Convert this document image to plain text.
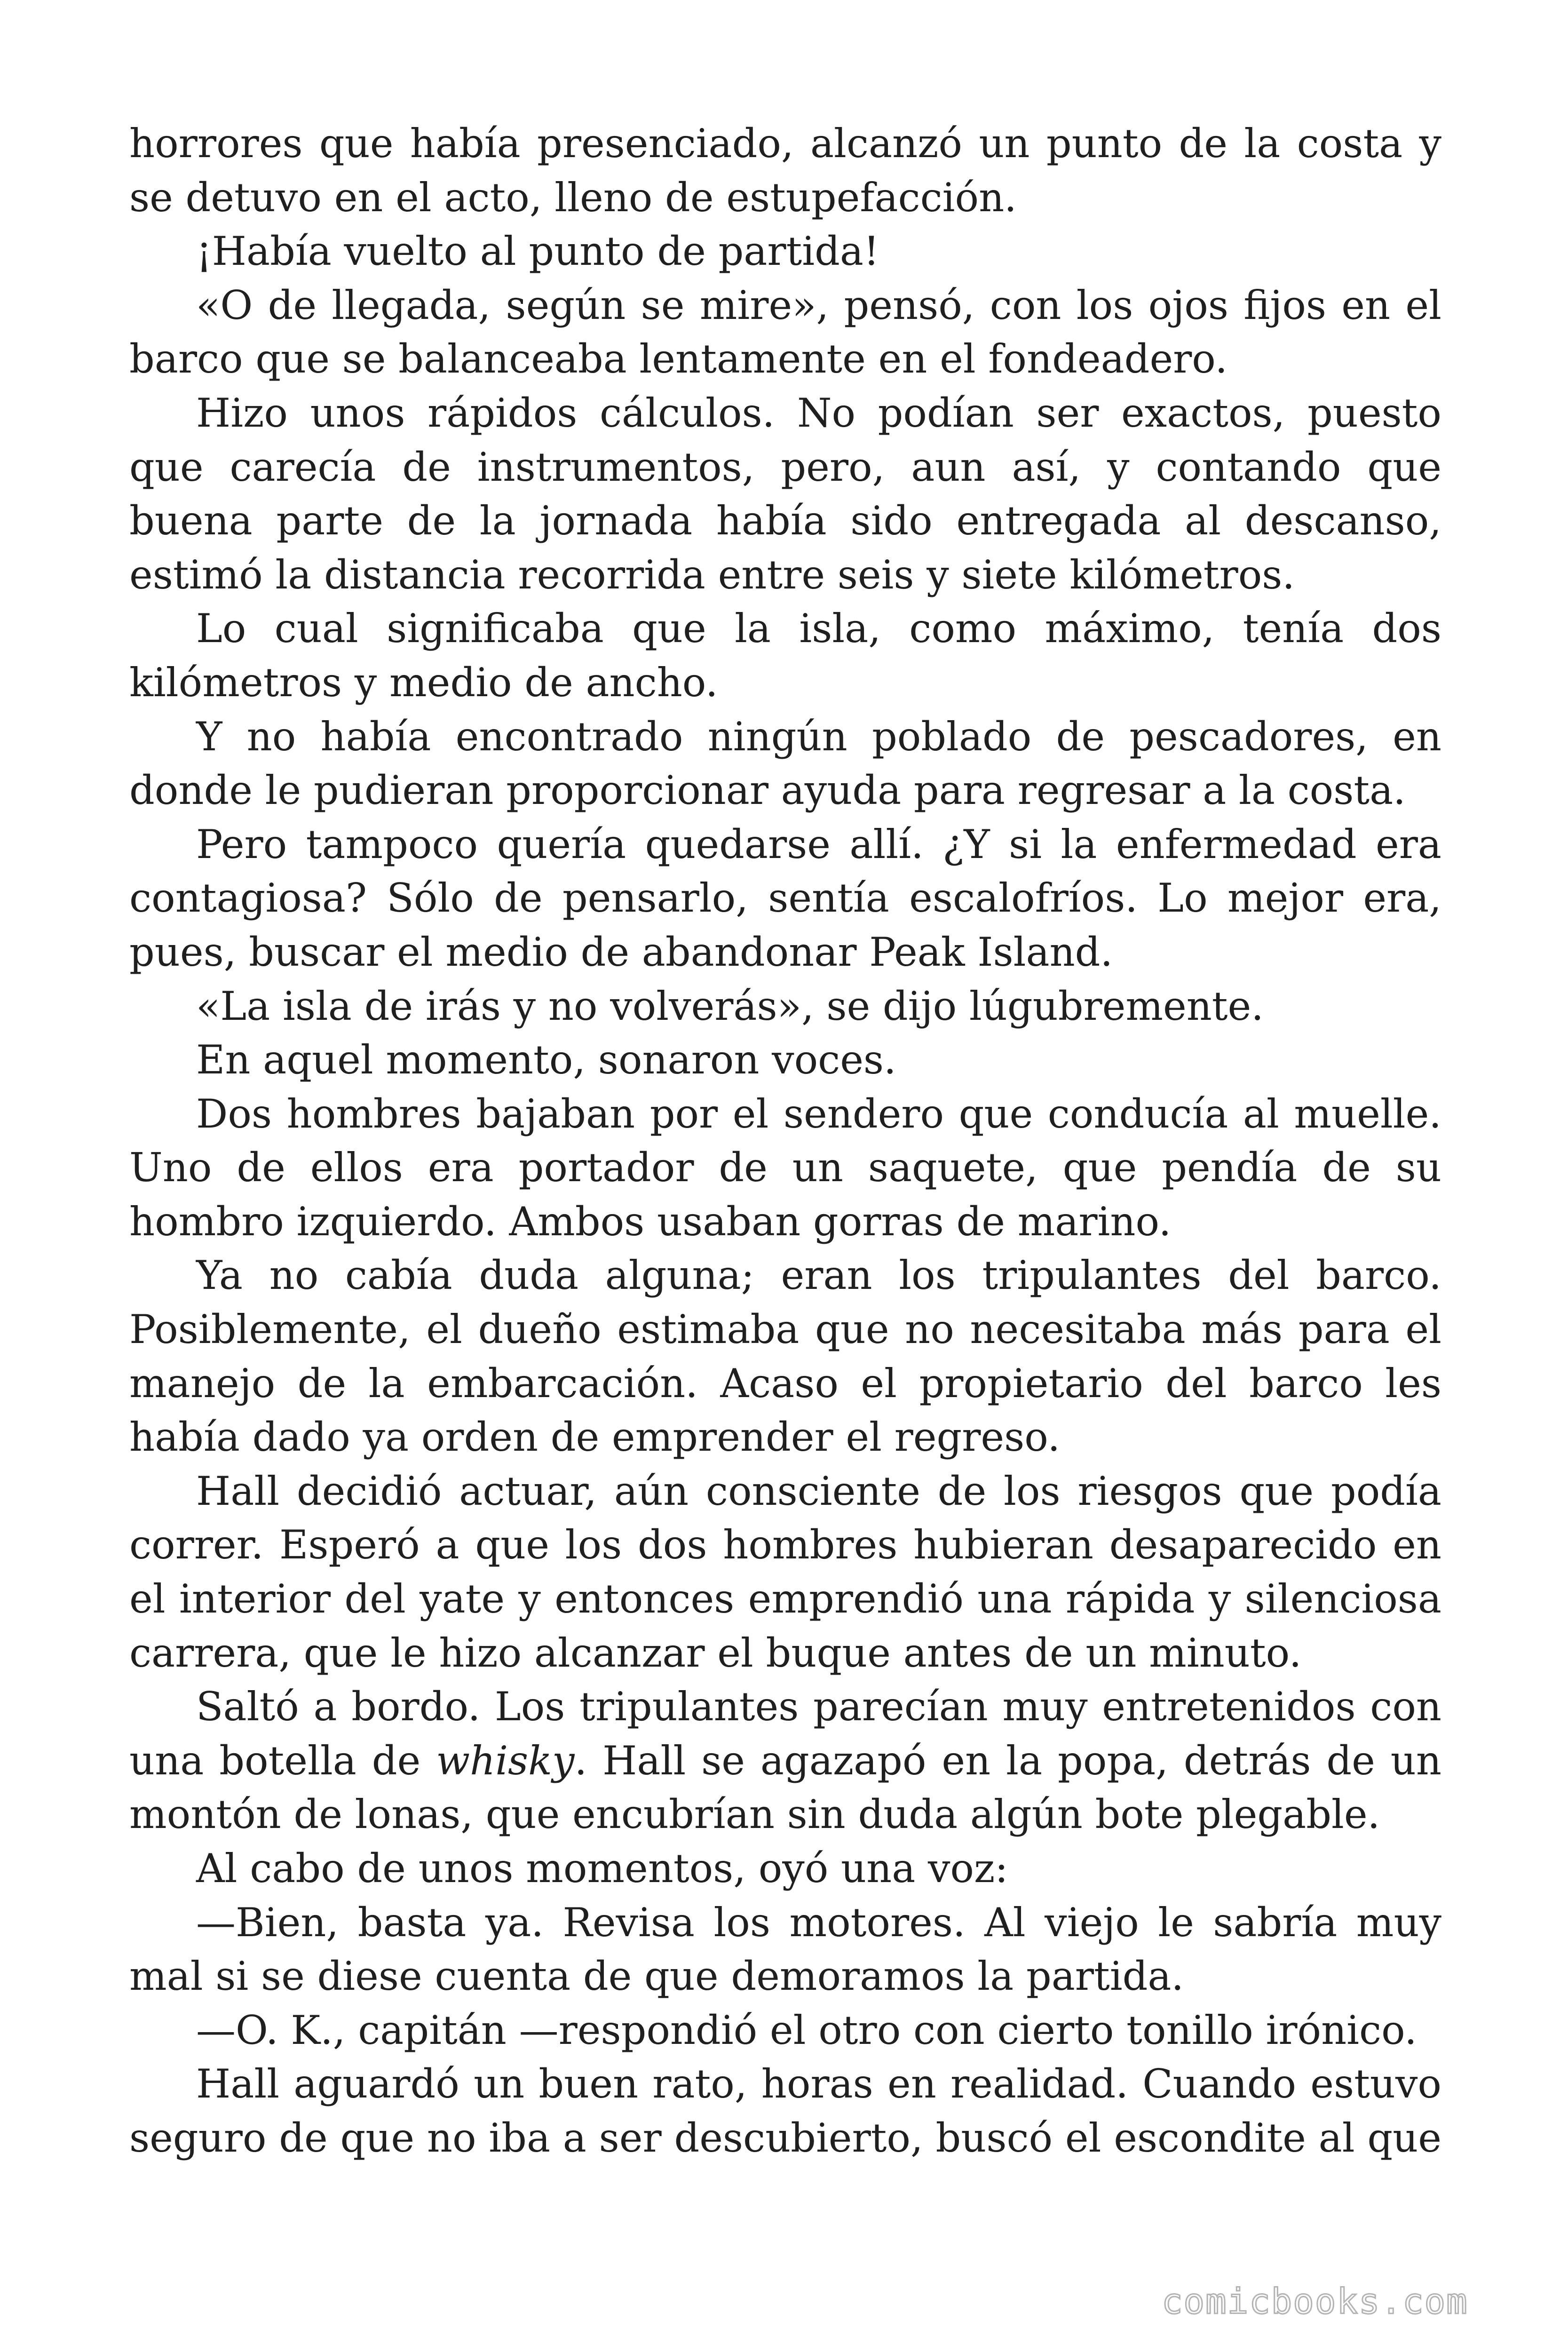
horrores que había presenciado, alcanzó un punto de la costa y se detuvo en el acto, lleno de estupefacción.

¡Había vuelto al punto de partida!

«O de llegada, según se mire», pensó, con los ojos fijos en el barco que se balanceaba lentamente en el fondeadero.

Hizo unos rápidos cálculos. No podían ser exactos, puesto que carecía de instrumentos, pero, aun así, y contando que buena parte de la jornada había sido entregada al descanso, estimó la distancia recorrida entre seis y siete kilómetros.

Lo cual significaba que la isla, como máximo, tenía dos kilómetros y medio de ancho.

Y no había encontrado ningún poblado de pescadores, en donde le pudieran proporcionar ayuda para regresar a la costa.

Pero tampoco quería quedarse allí. ¿Y si la enfermedad era contagiosa? Sólo de pensarlo, sentía escalofríos. Lo mejor era, pues, buscar el medio de abandonar Peak Island.

«La isla de irás y no volverás», se dijo lúgubremente.

En aquel momento, sonaron voces.

Dos hombres bajaban por el sendero que conducía al muelle. Uno de ellos era portador de un saquete, que pendía de su hombro izquierdo. Ambos usaban gorras de marino.

Ya no cabía duda alguna; eran los tripulantes del barco. Posiblemente, el dueño estimaba que no necesitaba más para el manejo de la embarcación. Acaso el propietario del barco les había dado ya orden de emprender el regreso.

Hall decidió actuar, aún consciente de los riesgos que podía correr. Esperó a que los dos hombres hubieran desaparecido en el interior del yate y entonces emprendió una rápida y silenciosa carrera, que le hizo alcanzar el buque antes de un minuto.

Saltó a bordo. Los tripulantes parecían muy entretenidos con una botella de whisky. Hall se agazapó en la popa, detrás de un montón de lonas, que encubrían sin duda algún bote plegable.

Al cabo de unos momentos, oyó una voz:

—Bien, basta ya. Revisa los motores. Al viejo le sabría muy mal si se diese cuenta de que demoramos la partida.

—O. K., capitán —respondió el otro con cierto tonillo irónico.

Hall aguardó un buen rato, horas en realidad. Cuando estuvo seguro de que no iba a ser descubierto, buscó el escondite al que

comicbooks.com
